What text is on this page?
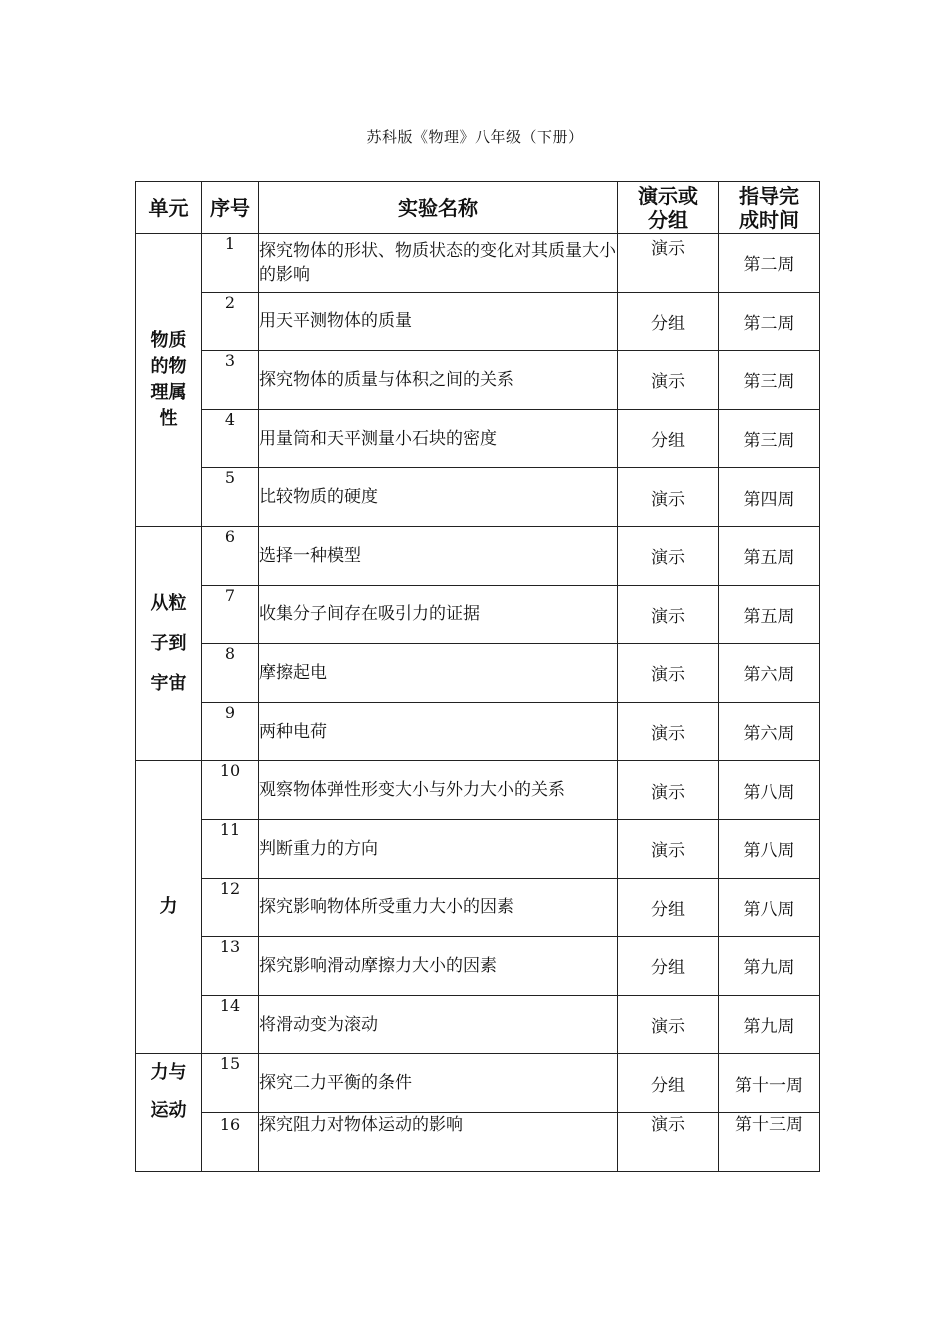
苏科版《物理》八年级（下册）
单元	序号	实验名称	演示或分组	指导完成时间
物质的物理属性	1	探究物体的形状、物质状态的变化对其质量大小的影响	演示	第二周
	2	用天平测物体的质量	分组	第二周
	3	探究物体的质量与体积之间的关系	演示	第三周
	4	用量筒和天平测量小石块的密度	分组	第三周
	5	比较物质的硬度	演示	第四周
从粒子到宇宙	6	选择一种模型	演示	第五周
	7	收集分子间存在吸引力的证据	演示	第五周
	8	摩擦起电	演示	第六周
	9	两种电荷	演示	第六周
力	10	观察物体弹性形变大小与外力大小的关系	演示	第八周
	11	判断重力的方向	演示	第八周
	12	探究影响物体所受重力大小的因素	分组	第八周
	13	探究影响滑动摩擦力大小的因素	分组	第九周
	14	将滑动变为滚动	演示	第九周
力与运动	15	探究二力平衡的条件	分组	第十一周
	16	探究阻力对物体运动的影响	演示	第十三周
